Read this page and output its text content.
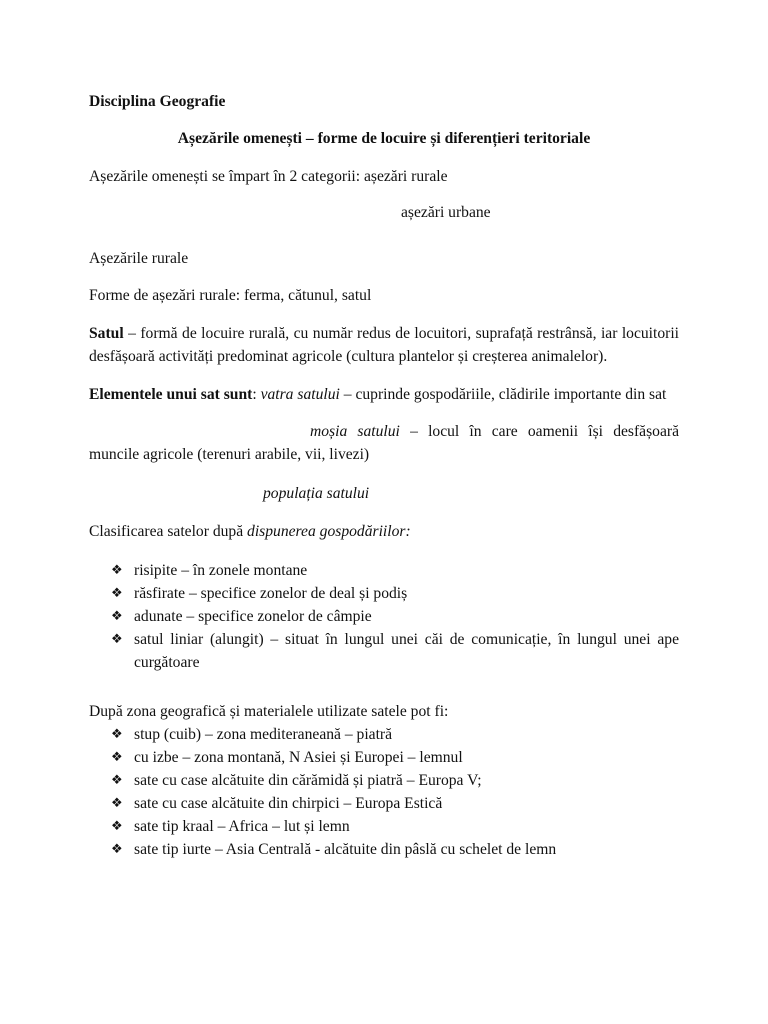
Disciplina Geografie

Așezările omenești – forme de locuire și diferențieri teritoriale

Așezările omenești se împart în 2 categorii: așezări rurale

așezări urbane

Așezările rurale

Forme de așezări rurale: ferma, cătunul, satul

Satul – formă de locuire rurală, cu număr redus de locuitori, suprafață restrânsă, iar locuitorii desfășoară activități predominat agricole (cultura plantelor și creșterea animalelor).

Elementele unui sat sunt: vatra satului – cuprinde gospodăriile, clădirile importante din sat

moșia satului – locul în care oamenii își desfășoară muncile agricole (terenuri arabile, vii, livezi)

populația satului

Clasificarea satelor după dispunerea gospodăriilor:

❖ risipite – în zonele montane
❖ răsfirate – specifice zonelor de deal și podiș
❖ adunate – specifice zonelor de câmpie
❖ satul liniar (alungit) – situat în lungul unei căi de comunicație, în lungul unei ape curgătoare

După zona geografică și materialele utilizate satele pot fi:

❖ stup (cuib) – zona mediteraneană – piatră
❖ cu izbe – zona montană, N Asiei și Europei – lemnul
❖ sate cu case alcătuite din cărămidă și piatră – Europa V;
❖ sate cu case alcătuite din chirpici – Europa Estică
❖ sate tip kraal – Africa – lut și lemn
❖ sate tip iurte – Asia Centrală - alcătuite din pâslă cu schelet de lemn
